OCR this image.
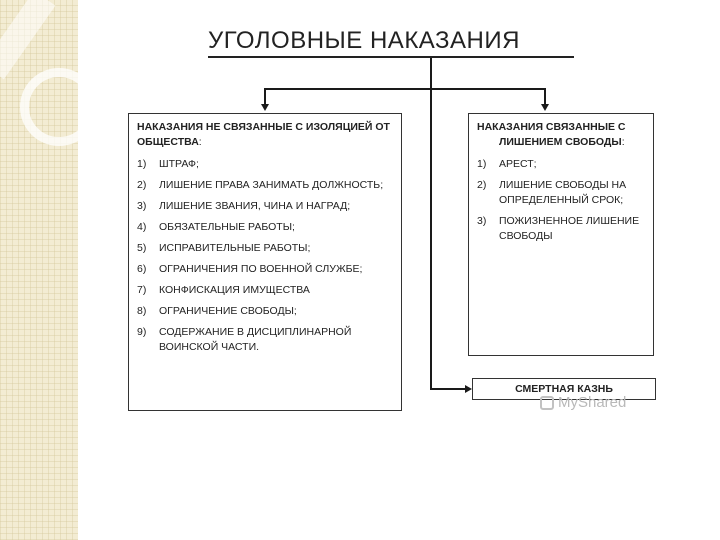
УГОЛОВНЫЕ НАКАЗАНИЯ
НАКАЗАНИЯ НЕ СВЯЗАННЫЕ С ИЗОЛЯЦИЕЙ ОТ ОБЩЕСТВА:
1)	ШТРАФ;
2)	ЛИШЕНИЕ ПРАВА ЗАНИМАТЬ ДОЛЖНОСТЬ;
3)	ЛИШЕНИЕ ЗВАНИЯ, ЧИНА И НАГРАД;
4)	ОБЯЗАТЕЛЬНЫЕ РАБОТЫ;
5)	ИСПРАВИТЕЛЬНЫЕ РАБОТЫ;
6)	ОГРАНИЧЕНИЯ ПО ВОЕННОЙ СЛУЖБЕ;
7)	КОНФИСКАЦИЯ ИМУЩЕСТВА
8)	ОГРАНИЧЕНИЕ СВОБОДЫ;
9)	СОДЕРЖАНИЕ В ДИСЦИПЛИНАРНОЙ ВОИНСКОЙ ЧАСТИ.
НАКАЗАНИЯ СВЯЗАННЫЕ С ЛИШЕНИЕМ СВОБОДЫ:
1)	АРЕСТ;
2)	ЛИШЕНИЕ СВОБОДЫ НА ОПРЕДЕЛЕННЫЙ СРОК;
3)	ПОЖИЗНЕННОЕ ЛИШЕНИЕ СВОБОДЫ
СМЕРТНАЯ КАЗНЬ
MyShared
